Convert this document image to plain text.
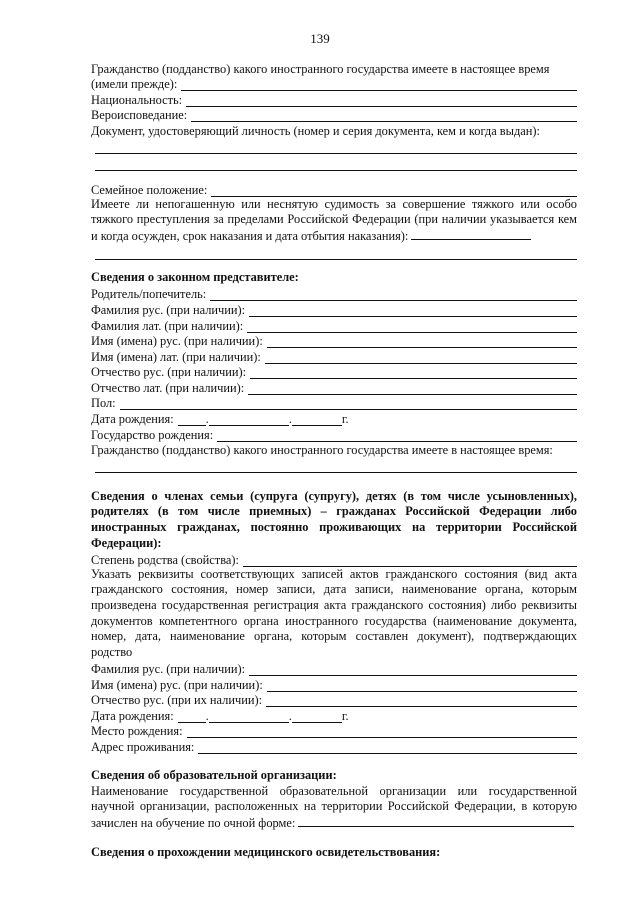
139
Гражданство (подданство) какого иностранного государства имеете в настоящее время
(имели прежде):
Национальность:
Вероисповедание:
Документ, удостоверяющий личность (номер и серия документа, кем и когда выдан):
Семейное положение:
Имеете ли непогашенную или неснятую судимость за совершение тяжкого или особо тяжкого преступления за пределами Российской Федерации (при наличии указывается кем и когда осужден, срок наказания и дата отбытия наказания):
Сведения о законном представителе:
Родитель/попечитель:
Фамилия рус. (при наличии):
Фамилия лат. (при наличии):
Имя (имена) рус. (при наличии):
Имя (имена) лат. (при наличии):
Отчество рус. (при наличии):
Отчество лат. (при наличии):
Пол:
Дата рождения:	.	.	г.
Государство рождения:
Гражданство (подданство) какого иностранного государства имеете в настоящее время:
Сведения о членах семьи (супруга (супругу), детях (в том числе усыновленных), родителях (в том числе приемных) – гражданах Российской Федерации либо иностранных гражданах, постоянно проживающих на территории Российской Федерации):
Степень родства (свойства):
Указать реквизиты соответствующих записей актов гражданского состояния (вид акта гражданского состояния, номер записи, дата записи, наименование органа, которым произведена государственная регистрация акта гражданского состояния) либо реквизиты документов компетентного органа иностранного государства (наименование документа, номер, дата, наименование органа, которым составлен документ), подтверждающих родство
Фамилия рус. (при наличии):
Имя (имена) рус. (при наличии):
Отчество рус. (при их наличии):
Дата рождения:	.	.	г.
Место рождения:
Адрес проживания:
Сведения об образовательной организации:
Наименование государственной образовательной организации или государственной научной организации, расположенных на территории Российской Федерации, в которую зачислен на обучение по очной форме:
Сведения о прохождении медицинского освидетельствования:
